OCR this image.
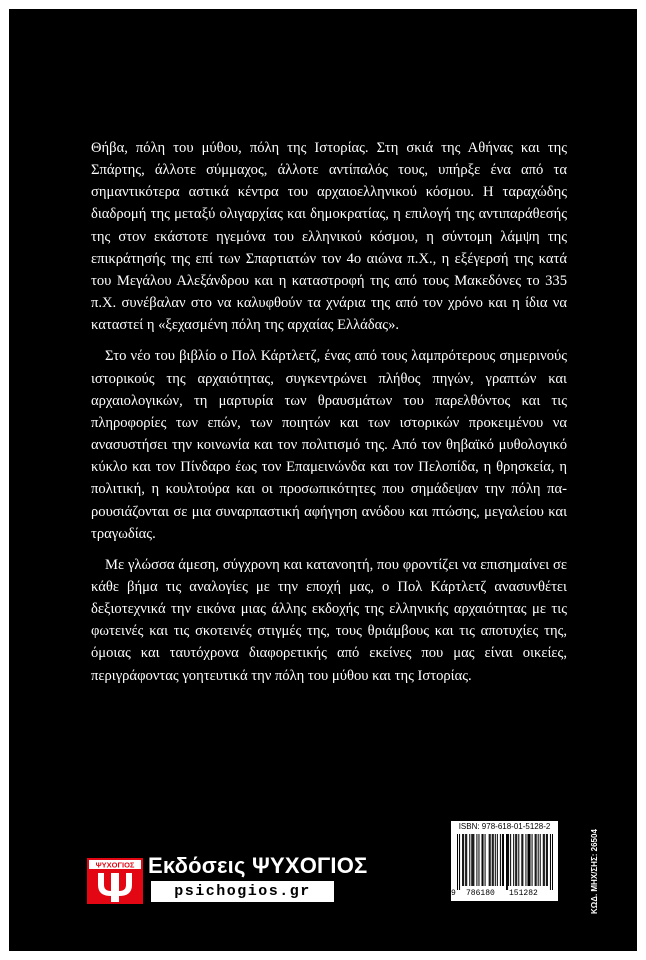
Θήβα, πόλη του μύθου, πόλη της Ιστορίας. Στη σκιά της Αθήνας και της Σπάρτης, άλλοτε σύμμαχος, άλλοτε αντίπαλός τους, υπήρξε ένα από τα σημαντικότερα αστικά κέντρα του αρχαιοελληνικού κόσμου. Η ταραχώδης διαδρομή της μεταξύ ολιγαρχίας και δημοκρατίας, η επιλογή της αντιπαράθεσής της στον εκάστοτε ηγεμόνα του ελληνικού κόσμου, η σύντομη λάμψη της επικράτησής της επί των Σπαρτιατών τον 4ο αιώνα π.Χ., η εξέγερσή της κατά του Μεγάλου Αλεξάνδρου και η καταστροφή της από τους Μακεδόνες το 335 π.Χ. συνέβαλαν στο να καλυφθούν τα χνάρια της από τον χρόνο και η ίδια να καταστεί η «ξεχασμένη πόλη της αρχαίας Ελλάδας».

Στο νέο του βιβλίο ο Πολ Κάρτλετζ, ένας από τους λαμπρότερους σημερινούς ιστορικούς της αρχαιότητας, συγκεντρώνει πλήθος πηγών, γραπτών και αρχαιολογικών, τη μαρτυρία των θραυσμάτων του παρελθόντος και τις πληροφορίες των επών, των ποιητών και των ιστορικών προκειμένου να ανασυστήσει την κοινωνία και τον πολιτισμό της. Από τον θηβαϊκό μυθολογικό κύκλο και τον Πίνδαρο έως τον Επαμεινώνδα και τον Πελοπίδα, η θρησκεία, η πολιτική, η κουλτούρα και οι προσωπικότητες που σημάδεψαν την πόλη παρουσιάζονται σε μια συναρπαστική αφήγηση ανόδου και πτώσης, μεγαλείου και τραγωδίας.

Με γλώσσα άμεση, σύγχρονη και κατανοητή, που φροντίζει να επισημαίνει σε κάθε βήμα τις αναλογίες με την εποχή μας, ο Πολ Κάρτλετζ ανασυνθέτει δεξιοτεχνικά την εικόνα μιας άλλης εκδοχής της ελληνικής αρχαιότητας με τις φωτεινές και τις σκοτεινές στιγμές της, τους θριάμβους και τις αποτυχίες της, όμοιας και ταυτόχρονα διαφορετικής από εκείνες που μας είναι οικείες, περιγράφοντας γοητευτικά την πόλη του μύθου και της Ιστορίας.

ΨΥΧΟΓΙΟΣ Εκδόσεις ΨΥΧΟΓΙΟΣ
psichogios.gr
ISBN: 978-618-01-5128-2
9 786180 151282	ΚΩΔ. ΜΗΧ/ΣΗΣ: 26504
